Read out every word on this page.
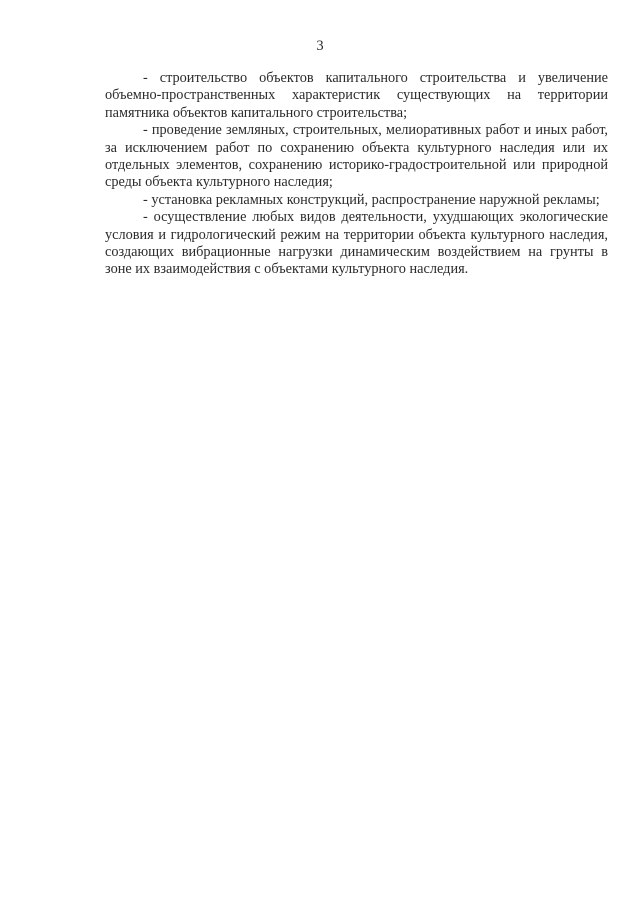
3

- строительство объектов капитального строительства и увеличение объемно-пространственных характеристик существующих на территории памятника объектов капитального строительства;

- проведение земляных, строительных, мелиоративных работ и иных работ, за исключением работ по сохранению объекта культурного наследия или их отдельных элементов, сохранению историко-градостроительной или природной среды объекта культурного наследия;

- установка рекламных конструкций, распространение наружной рекламы;

- осуществление любых видов деятельности, ухудшающих экологические условия и гидрологический режим на территории объекта культурного наследия, создающих вибрационные нагрузки динамическим воздействием на грунты в зоне их взаимодействия с объектами культурного наследия.
